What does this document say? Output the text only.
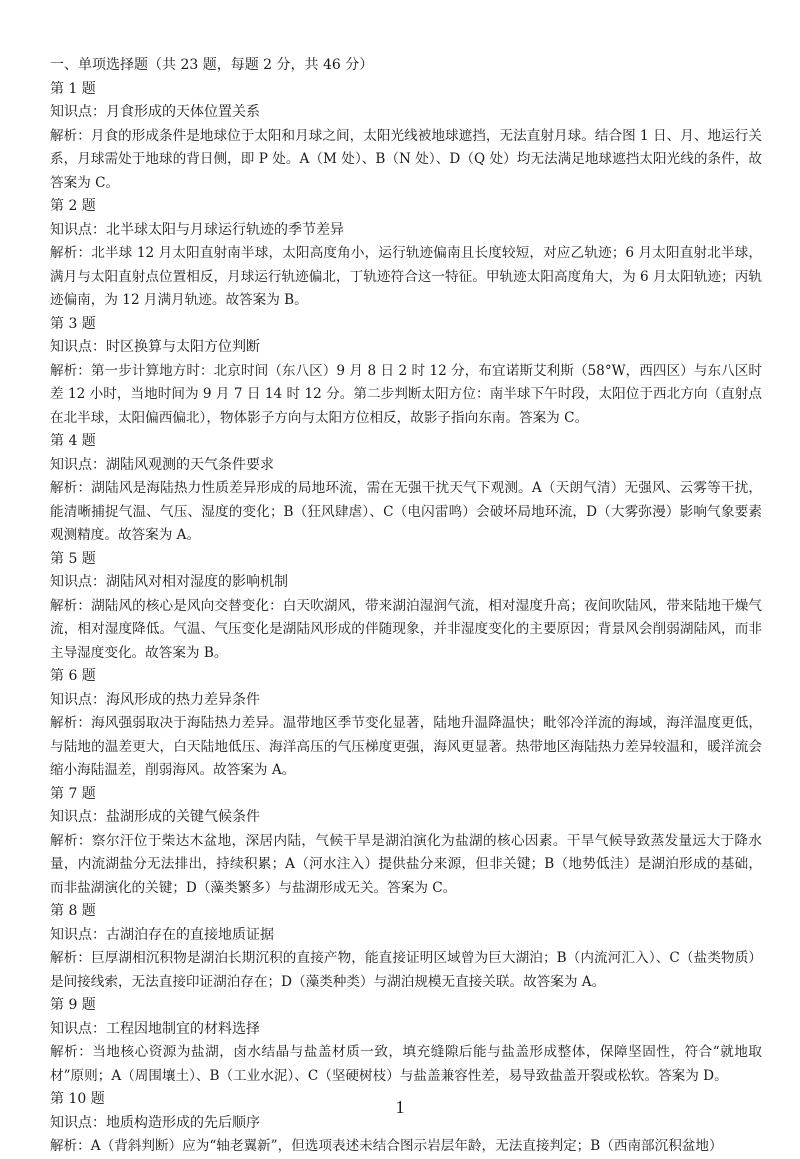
一、单项选择题（共 23 题，每题 2 分，共 46 分）

第 1 题

知识点：月食形成的天体位置关系

解析：月食的形成条件是地球位于太阳和月球之间，太阳光线被地球遮挡，无法直射月球。结合图 1 日、月、地运行关系，月球需处于地球的背日侧，即 P 处。A（M 处）、B（N 处）、D（Q 处）均无法满足地球遮挡太阳光线的条件，故答案为 C。

第 2 题

知识点：北半球太阳与月球运行轨迹的季节差异

解析：北半球 12 月太阳直射南半球，太阳高度角小，运行轨迹偏南且长度较短，对应乙轨迹；6 月太阳直射北半球，满月与太阳直射点位置相反，月球运行轨迹偏北，丁轨迹符合这一特征。甲轨迹太阳高度角大，为 6 月太阳轨迹；丙轨迹偏南，为 12 月满月轨迹。故答案为 B。

第 3 题

知识点：时区换算与太阳方位判断

解析：第一步计算地方时：北京时间（东八区）9 月 8 日 2 时 12 分，布宜诺斯艾利斯（58°W，西四区）与东八区时差 12 小时，当地时间为 9 月 7 日 14 时 12 分。第二步判断太阳方位：南半球下午时段，太阳位于西北方向（直射点在北半球，太阳偏西偏北），物体影子方向与太阳方位相反，故影子指向东南。答案为 C。

第 4 题

知识点：湖陆风观测的天气条件要求

解析：湖陆风是海陆热力性质差异形成的局地环流，需在无强干扰天气下观测。A（天朗气清）无强风、云雾等干扰，能清晰捕捉气温、气压、湿度的变化；B（狂风肆虐）、C（电闪雷鸣）会破坏局地环流，D（大雾弥漫）影响气象要素观测精度。故答案为 A。

第 5 题

知识点：湖陆风对相对湿度的影响机制

解析：湖陆风的核心是风向交替变化：白天吹湖风，带来湖泊湿润气流，相对湿度升高；夜间吹陆风，带来陆地干燥气流，相对湿度降低。气温、气压变化是湖陆风形成的伴随现象，并非湿度变化的主要原因；背景风会削弱湖陆风，而非主导湿度变化。故答案为 B。

第 6 题

知识点：海风形成的热力差异条件

解析：海风强弱取决于海陆热力差异。温带地区季节变化显著，陆地升温降温快；毗邻冷洋流的海域，海洋温度更低，与陆地的温差更大，白天陆地低压、海洋高压的气压梯度更强，海风更显著。热带地区海陆热力差异较温和，暖洋流会缩小海陆温差，削弱海风。故答案为 A。

第 7 题

知识点：盐湖形成的关键气候条件

解析：察尔汗位于柴达木盆地，深居内陆，气候干旱是湖泊演化为盐湖的核心因素。干旱气候导致蒸发量远大于降水量，内流湖盐分无法排出，持续积累；A（河水注入）提供盐分来源，但非关键；B（地势低洼）是湖泊形成的基础，而非盐湖演化的关键；D（藻类繁多）与盐湖形成无关。答案为 C。

第 8 题

知识点：古湖泊存在的直接地质证据

解析：巨厚湖相沉积物是湖泊长期沉积的直接产物，能直接证明区域曾为巨大湖泊；B（内流河汇入）、C（盐类物质）是间接线索，无法直接印证湖泊存在；D（藻类种类）与湖泊规模无直接关联。故答案为 A。

第 9 题

知识点：工程因地制宜的材料选择

解析：当地核心资源为盐湖，卤水结晶与盐盖材质一致，填充缝隙后能与盐盖形成整体，保障坚固性，符合“就地取材”原则；A（周围壤土）、B（工业水泥）、C（坚硬树枝）与盐盖兼容性差，易导致盐盖开裂或松软。答案为 D。

第 10 题

知识点：地质构造形成的先后顺序

解析：A（背斜判断）应为“轴老翼新”，但选项表述未结合图示岩层年龄，无法直接判定；B（西南部沉积盆地）

1
